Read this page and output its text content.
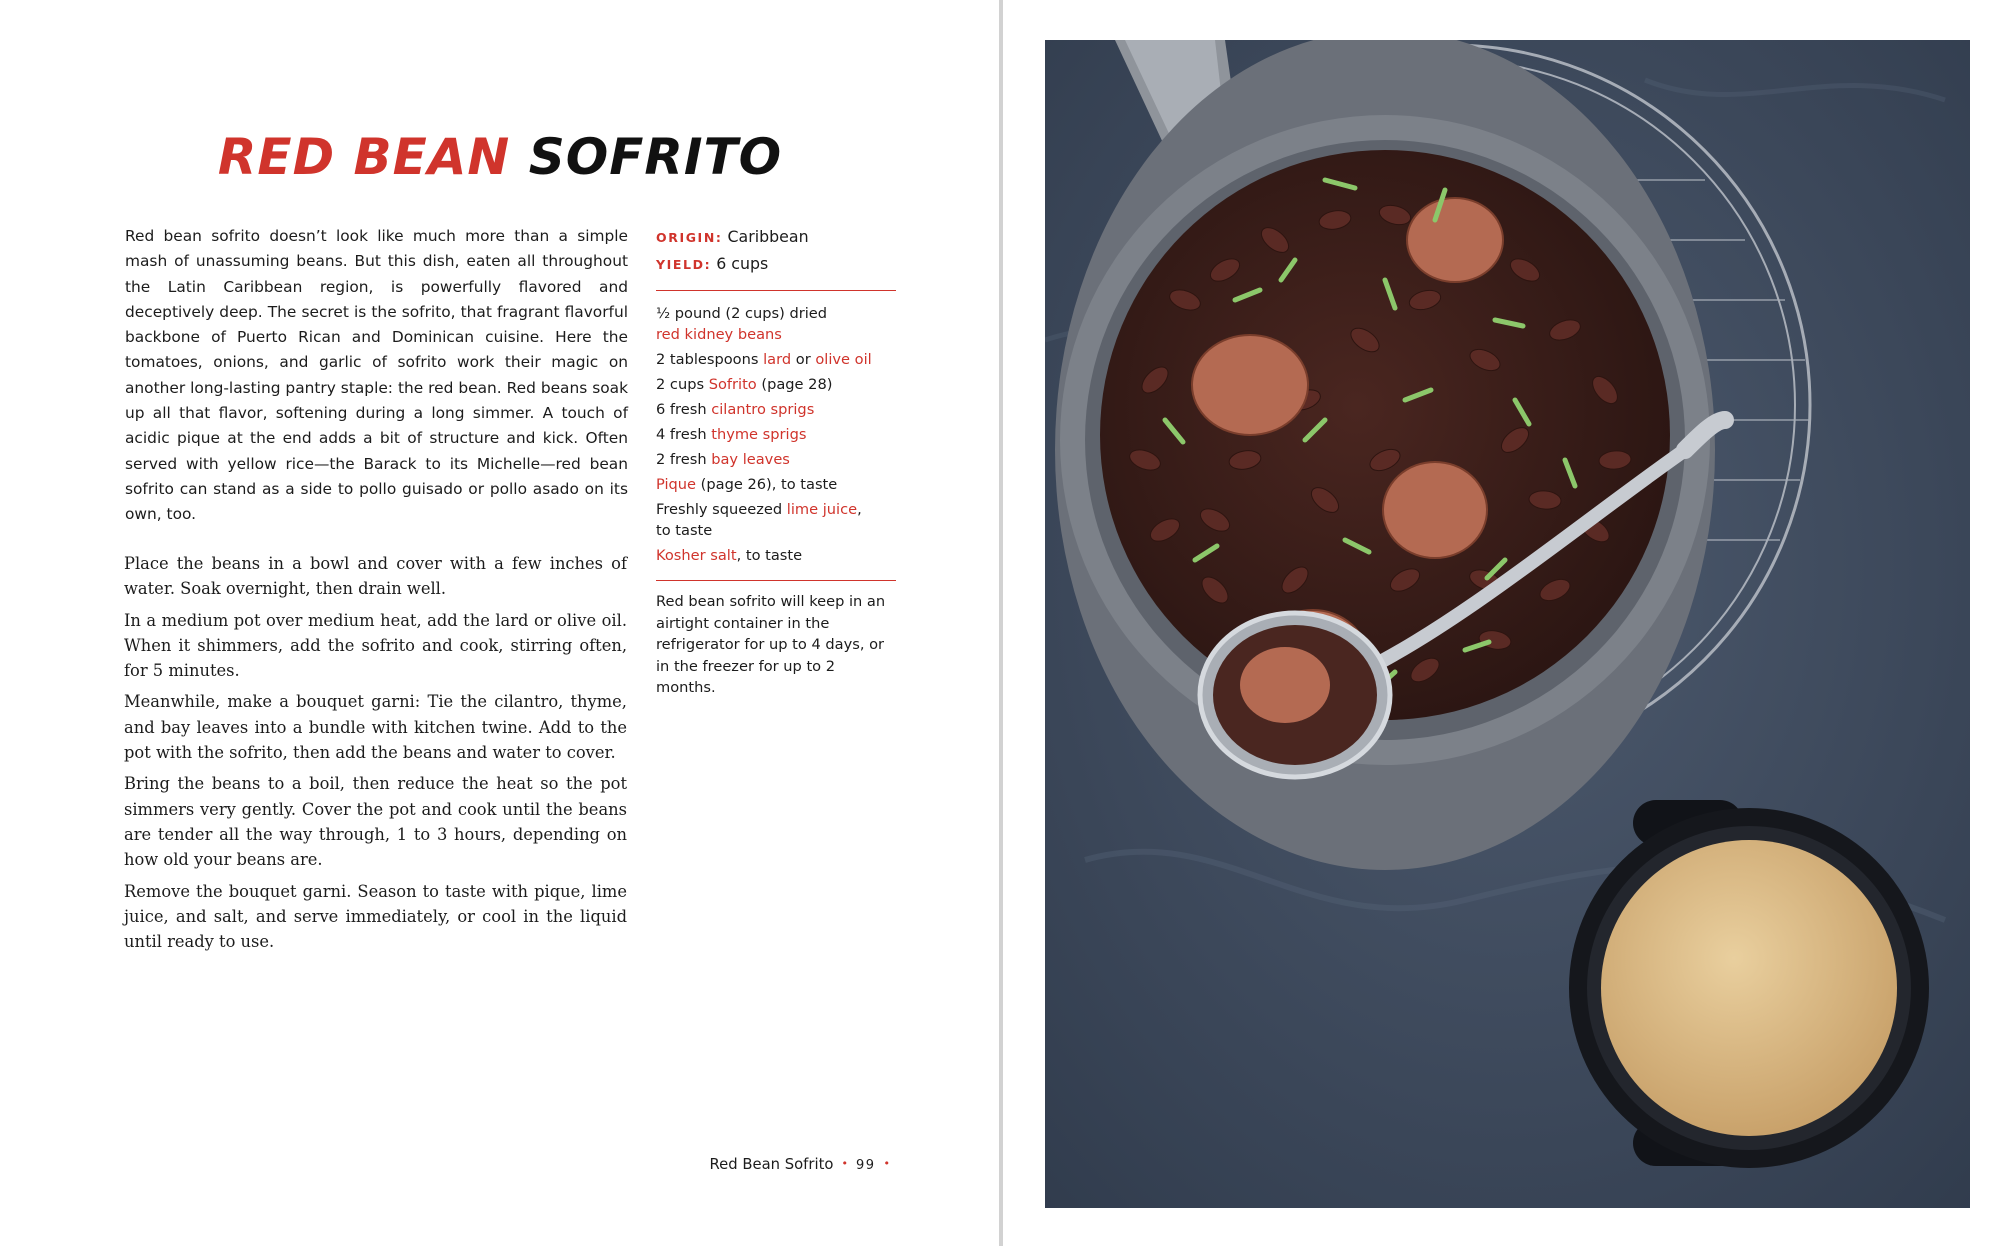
RED BEAN SOFRITO

Red bean sofrito doesn’t look like much more than a simple mash of unassuming beans. But this dish, eaten all throughout the Latin Caribbean region, is powerfully flavored and deceptively deep. The secret is the sofrito, that fragrant flavorful backbone of Puerto Rican and Dominican cuisine. Here the tomatoes, onions, and garlic of sofrito work their magic on another long-lasting pantry staple: the red bean. Red beans soak up all that flavor, softening during a long simmer. A touch of acidic pique at the end adds a bit of structure and kick. Often served with yellow rice—the Barack to its Michelle—red bean sofrito can stand as a side to pollo guisado or pollo asado on its own, too.

ORIGIN: Caribbean
YIELD: 6 cups
½ pound (2 cups) dried
red kidney beans
2 tablespoons lard or olive oil
2 cups Sofrito (page 28)
6 fresh cilantro sprigs
4 fresh thyme sprigs
2 fresh bay leaves
Pique (page 26), to taste
Freshly squeezed lime juice,
to taste
Kosher salt, to taste

Red bean sofrito will keep in an airtight container in the refrigerator for up to 4 days, or in the freezer for up to 2 months.

Place the beans in a bowl and cover with a few inches of water. Soak overnight, then drain well.

In a medium pot over medium heat, add the lard or olive oil. When it shimmers, add the sofrito and cook, stirring often, for 5 minutes.

Meanwhile, make a bouquet garni: Tie the cilantro, thyme, and bay leaves into a bundle with kitchen twine. Add to the pot with the sofrito, then add the beans and water to cover.

Bring the beans to a boil, then reduce the heat so the pot simmers very gently. Cover the pot and cook until the beans are tender all the way through, 1 to 3 hours, depending on how old your beans are.

Remove the bouquet garni. Season to taste with pique, lime juice, and salt, and serve immediately, or cool in the liquid until ready to use.

Red Bean Sofrito • 99 •
